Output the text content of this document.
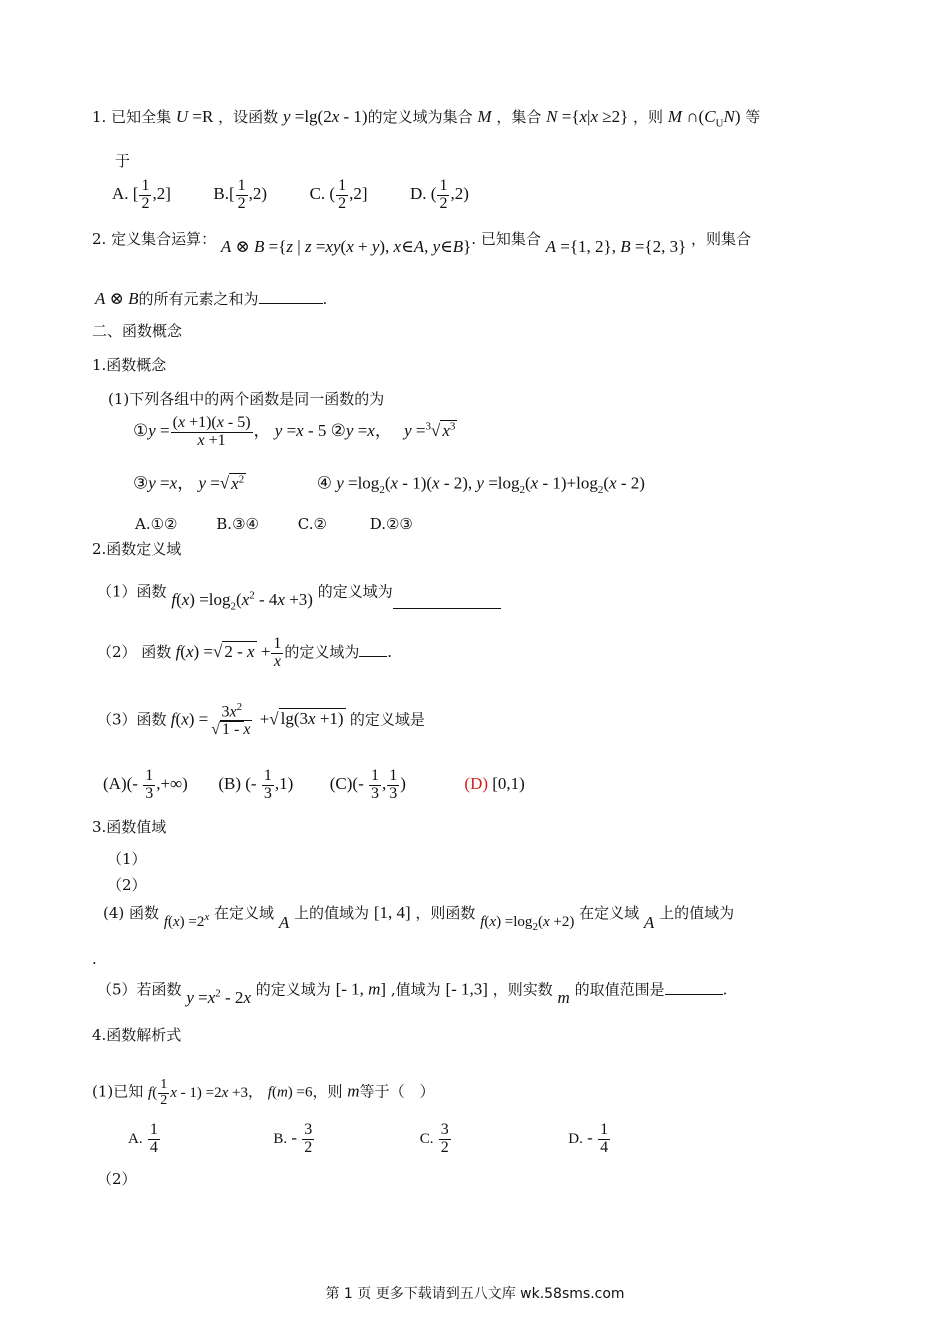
1. 已知全集 U =R ，设函数 y =lg(2x - 1)的定义域为集合 M ，集合 N ={x|x ≥2} ，则 M $\cap(C_UN)$ 等
于
A. [ $\frac{1}{2} ,2$]  $B.[ \frac{1}{2} ,2)$  C. ( $\frac{1}{2} ,2$]  D. ( $\frac{1}{2} ,2$)
2. 定义集合运算： A ⊗ B ={z | z =xy(x + y), x∈A, y∈B}. 已知集合 A ={1, 2}, B ={2, 3} ，则集合
A ⊗ B的所有元素之和为	.
二、函数概念
1.函数概念
(1)下列各组中的两个函数是同一函数的为
①y = $\frac{(x +1)(x - 5)}{x +1}$ ， y =x - 5 ②y =x， y =$^3$√ $x^3$
③y =x， y =√ $x^2$	④ $y =\log_2(x - 1)(x - 2)$, $y =\log_2(x - 1)+\log_2(x - 2)$
A.①②	B.③④	C.②	D.②③
2.函数定义域
（1）函数 $f(x) =\log_2(x^2 - 4x +3)$ 的定义域为
（2） 函数 f(x) =√ $2 - x + \frac{1}{x}$ 的定义域为 .
（3）函数 $f(x) = \frac{3x^2}{√ 1 - x}$ +√ lg(3x +1) 的定义域是
$(A)(- \frac{1}{3}$ ,+∞)  (B) (- $\frac{1}{3} ,1$)  $(C)(- \frac{1}{3}$ , $\frac{1}{3}$ )	(D) [0,1)
3.函数值域
（1）
（2）
(4) 函数 $f(x) =2^x$ 在定义域 A 上的值域为 [1, 4] ，则函数 $f(x) =\log_2(x +2)$ 在定义域 A 上的值域为
.
（5）若函数 $y =x^2 - 2x$ 的定义域为 [- 1, m] ,值域为 [- 1,3] ，则实数 m 的取值范围是	.
4.函数解析式
(1)已知 $f( \frac{1}{2}$ x - 1) =2x +3， f(m) =6，则 m等于（　）
A. $\frac{1}{4}$	B. - $\frac{3}{2}$	C. $\frac{3}{2}$	D. - $\frac{1}{4}$
（2）
第 1 页 更多下载请到五八文库 wk.58sms.com
